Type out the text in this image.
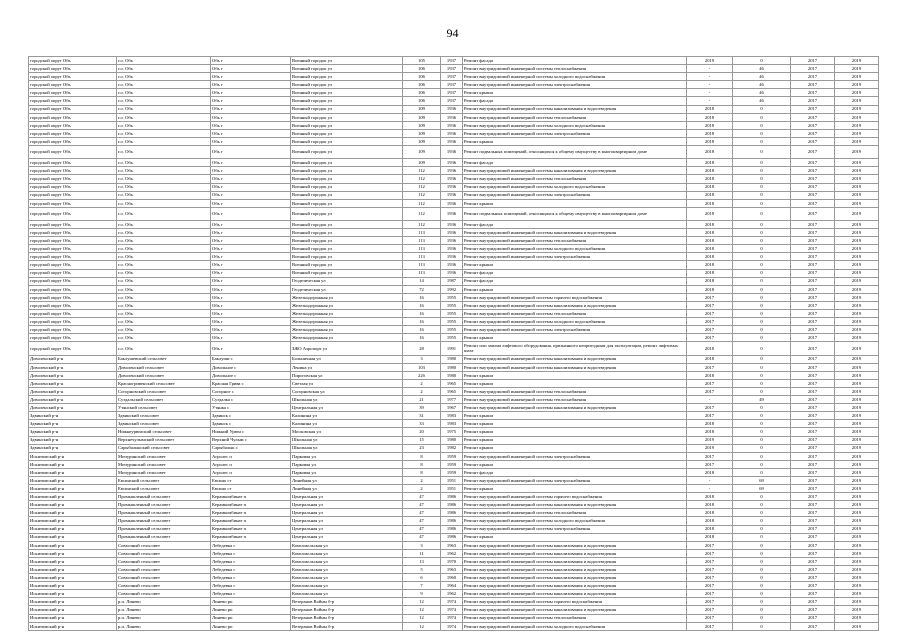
94
городской округ Обь	г.о. Обь	Обь г	Военный городок ул	105	1937	Ремонт фасада	2019	0	2017	2019
городской округ Обь	г.о. Обь	Обь г	Военный городок ул	106	1937	Ремонт внутридомовой инженерной системы теплоснабжения	-	46	2017	2019
городской округ Обь	г.о. Обь	Обь г	Военный городок ул	106	1937	Ремонт внутридомовой инженерной системы холодного водоснабжения	-	46	2017	2019
городской округ Обь	г.о. Обь	Обь г	Военный городок ул	106	1937	Ремонт внутридомовой инженерной системы электроснабжения	-	46	2017	2019
городской округ Обь	г.о. Обь	Обь г	Военный городок ул	106	1937	Ремонт крыши	-	46	2017	2019
городской округ Обь	г.о. Обь	Обь г	Военный городок ул	106	1937	Ремонт фасада	-	46	2017	2019
городской округ Обь	г.о. Обь	Обь г	Военный городок ул	109	1936	Ремонт внутридомовой инженерной системы канализования и водоотведения	2018	0	2017	2019
городской округ Обь	г.о. Обь	Обь г	Военный городок ул	109	1936	Ремонт внутридомовой инженерной системы теплоснабжения	2018	0	2017	2019
городской округ Обь	г.о. Обь	Обь г	Военный городок ул	109	1936	Ремонт внутридомовой инженерной системы холодного водоснабжения	2018	0	2017	2019
городской округ Обь	г.о. Обь	Обь г	Военный городок ул	109	1936	Ремонт внутридомовой инженерной системы электроснабжения	2018	0	2017	2019
городской округ Обь	г.о. Обь	Обь г	Военный городок ул	109	1936	Ремонт крыши	2018	0	2017	2019
городской округ Обь	г.о. Обь	Обь г	Военный городок ул	109	1936	Ремонт подвальных помещений, относящихся к общему имуществу в многоквартирном доме	2018	0	2017	2019
городской округ Обь	г.о. Обь	Обь г	Военный городок ул	109	1936	Ремонт фасада	2018	0	2017	2019
городской округ Обь	г.о. Обь	Обь г	Военный городок ул	112	1936	Ремонт внутридомовой инженерной системы канализования и водоотведения	2018	0	2017	2019
городской округ Обь	г.о. Обь	Обь г	Военный городок ул	112	1936	Ремонт внутридомовой инженерной системы теплоснабжения	2018	0	2017	2019
городской округ Обь	г.о. Обь	Обь г	Военный городок ул	112	1936	Ремонт внутридомовой инженерной системы холодного водоснабжения	2018	0	2017	2019
городской округ Обь	г.о. Обь	Обь г	Военный городок ул	112	1936	Ремонт внутридомовой инженерной системы электроснабжения	2018	0	2017	2019
городской округ Обь	г.о. Обь	Обь г	Военный городок ул	112	1936	Ремонт крыши	2018	0	2017	2019
городской округ Обь	г.о. Обь	Обь г	Военный городок ул	112	1936	Ремонт подвальных помещений, относящихся к общему имуществу в многоквартирном доме	2018	0	2017	2019
городской округ Обь	г.о. Обь	Обь г	Военный городок ул	112	1936	Ремонт фасада	2018	0	2017	2019
городской округ Обь	г.о. Обь	Обь г	Военный городок ул	113	1936	Ремонт внутридомовой инженерной системы канализования и водоотведения	2018	0	2017	2019
городской округ Обь	г.о. Обь	Обь г	Военный городок ул	113	1936	Ремонт внутридомовой инженерной системы теплоснабжения	2018	0	2017	2019
городской округ Обь	г.о. Обь	Обь г	Военный городок ул	113	1936	Ремонт внутридомовой инженерной системы холодного водоснабжения	2018	0	2017	2019
городской округ Обь	г.о. Обь	Обь г	Военный городок ул	113	1936	Ремонт внутридомовой инженерной системы электроснабжения	2018	0	2017	2019
городской округ Обь	г.о. Обь	Обь г	Военный городок ул	113	1936	Ремонт крыши	2018	0	2017	2019
городской округ Обь	г.о. Обь	Обь г	Военный городок ул	113	1936	Ремонт фасада	2018	0	2017	2019
городской округ Обь	г.о. Обь	Обь г	Геодезическая ул	14	1987	Ремонт фасада	2018	0	2017	2019
городской округ Обь	г.о. Обь	Обь г	Геодезическая ул	72	1992	Ремонт крыши	2018	0	2017	2019
городской округ Обь	г.о. Обь	Обь г	Железнодорожная ул	16	1955	Ремонт внутридомовой инженерной системы горячего водоснабжения	2017	0	2017	2019
городской округ Обь	г.о. Обь	Обь г	Железнодорожная ул	16	1955	Ремонт внутридомовой инженерной системы канализования и водоотведения	2017	0	2017	2019
городской округ Обь	г.о. Обь	Обь г	Железнодорожная ул	16	1955	Ремонт внутридомовой инженерной системы теплоснабжения	2017	0	2017	2019
городской округ Обь	г.о. Обь	Обь г	Железнодорожная ул	16	1955	Ремонт внутридомовой инженерной системы холодного водоснабжения	2017	0	2017	2019
городской округ Обь	г.о. Обь	Обь г	Железнодорожная ул	16	1955	Ремонт внутридомовой инженерной системы электроснабжения	2017	0	2017	2019
городской округ Обь	г.о. Обь	Обь г	Железнодорожная ул	16	1955	Ремонт крыши	2017	0	2017	2019
городской округ Обь	г.о. Обь	Обь г	ЗЖО Аэропорт ул	28	1991	Ремонт или замена лифтового оборудования, признанного непригодным для эксплуатации, ремонт лифтовых шахт	2018	0	2017	2019
Доволенский р-н	Баклушевский сельсовет	Баклуши с	Больничная ул	3	1980	Ремонт внутридомовой инженерной системы канализования и водоотведения	2018	0	2017	2019
Доволенский р-н	Доволенский сельсовет	Довольное с	Ленина ул	103	1980	Ремонт внутридомовой инженерной системы канализования и водоотведения	2017	0	2017	2019
Доволенский р-н	Доволенский сельсовет	Довольное с	Пироговская ул	22б	1980	Ремонт крыши	2018	0	2017	2019
Доволенский р-н	Красногривенский сельсовет	Красная Грива с	Светлая ул	2	1965	Ремонт крыши	2017	0	2017	2019
Доволенский р-н	Согорновский сельсовет	Согорное с	Согорновская ул	2	1965	Ремонт внутридомовой инженерной системы теплоснабжения	2017	0	2017	2019
Доволенский р-н	Суздальский сельсовет	Суздалка с	Школьная ул	21	1977	Ремонт внутридомовой инженерной системы теплоснабжения	-	49	2017	2019
Доволенский р-н	Утянский сельсовет	Утянка с	Центральная ул	39	1967	Ремонт внутридомовой инженерной системы канализования и водоотведения	2017	0	2017	2019
Здвинский р-н	Здвинский сельсовет	Здвинск с	Калинина ул	31	1983	Ремонт крыши	2017	0	2017	2019
Здвинский р-н	Здвинский сельсовет	Здвинск с	Калинина ул	33	1983	Ремонт крыши	2018	0	2017	2019
Здвинский р-н	Нижнеурюмский сельсовет	Нижний Урюм с	Московская ул	20	1975	Ремонт крыши	2018	0	2017	2019
Здвинский р-н	Верхнечулымский сельсовет	Верхний Чулым с	Школьная ул	15	1980	Ремонт крыши	2019	0	2017	2019
Здвинский р-н	Сарыбалыкский сельсовет	Сарыбалык с	Школьная ул	23	1982	Ремонт крыши	2019	0	2017	2019
Искитимский р-н	Мичуринский сельсовет	Агролес п	Парковая ул	8	1959	Ремонт внутридомовой инженерной системы электроснабжения	2017	0	2017	2019
Искитимский р-н	Мичуринский сельсовет	Агролес п	Парковая ул	8	1959	Ремонт крыши	2017	0	2017	2019
Искитимский р-н	Мичуринский сельсовет	Агролес п	Парковая ул	8	1959	Ремонт фасада	2018	0	2017	2019
Искитимский р-н	Евсинский сельсовет	Евсино ст	Линейная ул	2	1951	Ремонт внутридомовой инженерной системы электроснабжения	-	69	2017	2019
Искитимский р-н	Евсинский сельсовет	Евсино ст	Линейная ул	2	1951	Ремонт крыши	-	69	2017	2019
Искитимский р-н	Промышленный сельсовет	Керамкомбинат п	Центральная ул	47	1986	Ремонт внутридомовой инженерной системы горячего водоснабжения	2018	0	2017	2019
Искитимский р-н	Промышленный сельсовет	Керамкомбинат п	Центральная ул	47	1986	Ремонт внутридомовой инженерной системы канализования и водоотведения	2018	0	2017	2019
Искитимский р-н	Промышленный сельсовет	Керамкомбинат п	Центральная ул	47	1986	Ремонт внутридомовой инженерной системы теплоснабжения	2018	0	2017	2019
Искитимский р-н	Промышленный сельсовет	Керамкомбинат п	Центральная ул	47	1986	Ремонт внутридомовой инженерной системы холодного водоснабжения	2018	0	2017	2019
Искитимский р-н	Промышленный сельсовет	Керамкомбинат п	Центральная ул	47	1986	Ремонт внутридомовой инженерной системы электроснабжения	2018	0	2017	2019
Искитимский р-н	Промышленный сельсовет	Керамкомбинат п	Центральная ул	47	1986	Ремонт крыши	2018	0	2017	2019
Искитимский р-н	Совхозный сельсовет	Лебедевка с	Комсомольская ул	3	1963	Ремонт внутридомовой инженерной системы канализования и водоотведения	2017	0	2017	2019
Искитимский р-н	Совхозный сельсовет	Лебедевка с	Комсомольская ул	11	1962	Ремонт внутридомовой инженерной системы канализования и водоотведения	2017	0	2017	2019
Искитимский р-н	Совхозный сельсовет	Лебедевка с	Комсомольская ул	13	1970	Ремонт внутридомовой инженерной системы канализования и водоотведения	2017	0	2017	2019
Искитимский р-н	Совхозный сельсовет	Лебедевка с	Комсомольская ул	5	1963	Ремонт внутридомовой инженерной системы канализования и водоотведения	2017	0	2017	2019
Искитимский р-н	Совхозный сельсовет	Лебедевка с	Комсомольская ул	6	1960	Ремонт внутридомовой инженерной системы канализования и водоотведения	2017	0	2017	2019
Искитимский р-н	Совхозный сельсовет	Лебедевка с	Комсомольская ул	7	1964	Ремонт внутридомовой инженерной системы канализования и водоотведения	2017	0	2017	2019
Искитимский р-н	Совхозный сельсовет	Лебедевка с	Комсомольская ул	9	1962	Ремонт внутридомовой инженерной системы канализования и водоотведения	2017	0	2017	2019
Искитимский р-н	р.п. Линево	Линево рп	Ветеранов Войны б-р	12	1974	Ремонт внутридомовой инженерной системы горячего водоснабжения	2017	0	2017	2019
Искитимский р-н	р.п. Линево	Линево рп	Ветеранов Войны б-р	12	1974	Ремонт внутридомовой инженерной системы канализования и водоотведения	2017	0	2017	2019
Искитимский р-н	р.п. Линево	Линево рп	Ветеранов Войны б-р	12	1974	Ремонт внутридомовой инженерной системы теплоснабжения	2017	0	2017	2019
Искитимский р-н	р.п. Линево	Линево рп	Ветеранов Войны б-р	12	1974	Ремонт внутридомовой инженерной системы холодного водоснабжения	2017	0	2017	2019
